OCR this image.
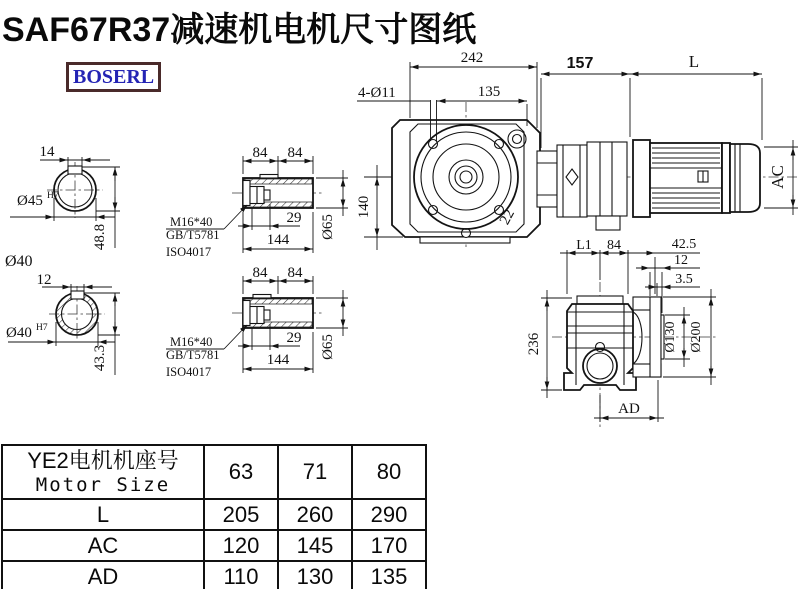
SAF67R37减速机电机尺寸图纸
BOSERL
14
Ø45 H7
48.8
Ø40
12
Ø40 H7
43.3
84 84
29
144
Ø65
M16*40
GB/T5781
ISO4017
84 84
29
144
Ø65
M16*40
GB/T5781
ISO4017
22
242
4-Ø11	135
140
157	L
AC
L1 84	42.5
12
3.5
Ø130 Ø200
236
AD
YE2电机机座号
Motor Size	63	71	80
L	205	260	290
AC	120	145	170
AD	110	130	135
